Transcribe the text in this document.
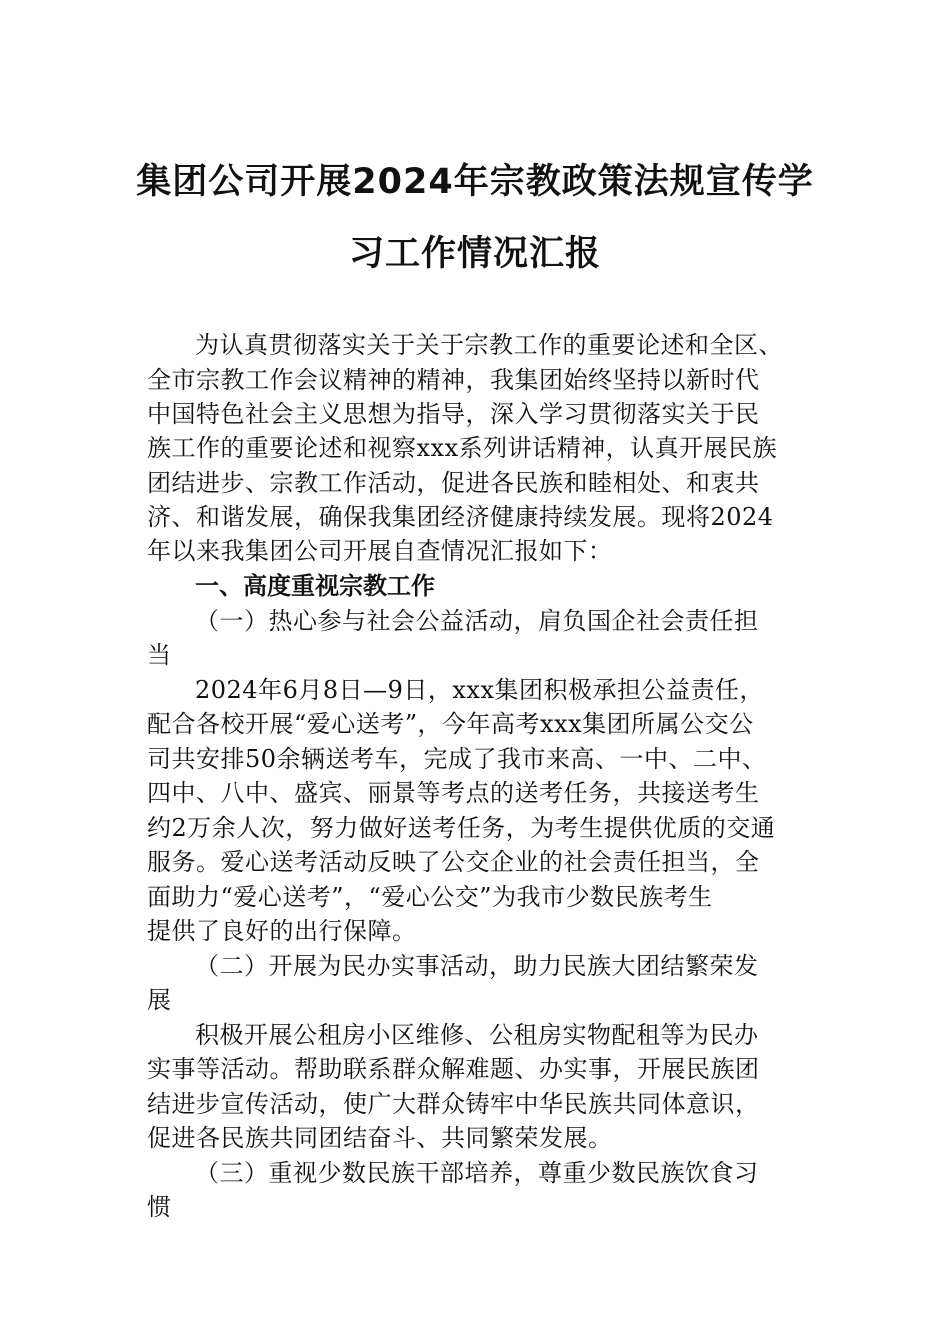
集团公司开展2024年宗教政策法规宣传学
习工作情况汇报
为认真贯彻落实关于关于宗教工作的重要论述和全区、
全市宗教工作会议精神的精神，我集团始终坚持以新时代
中国特色社会主义思想为指导，深入学习贯彻落实关于民
族工作的重要论述和视察xxx系列讲话精神，认真开展民族
团结进步、宗教工作活动，促进各民族和睦相处、和衷共
济、和谐发展，确保我集团经济健康持续发展。现将2024
年以来我集团公司开展自查情况汇报如下：
一、高度重视宗教工作
（一）热心参与社会公益活动，肩负国企社会责任担
当
2024年6月8日—9日，xxx集团积极承担公益责任，
配合各校开展“爱心送考”，今年高考xxx集团所属公交公
司共安排50余辆送考车，完成了我市来高、一中、二中、
四中、八中、盛宾、丽景等考点的送考任务，共接送考生
约2万余人次，努力做好送考任务，为考生提供优质的交通
服务。爱心送考活动反映了公交企业的社会责任担当，全
面助力“爱心送考”，“爱心公交”为我市少数民族考生
提供了良好的出行保障。
（二）开展为民办实事活动，助力民族大团结繁荣发
展
积极开展公租房小区维修、公租房实物配租等为民办
实事等活动。帮助联系群众解难题、办实事，开展民族团
结进步宣传活动，使广大群众铸牢中华民族共同体意识，
促进各民族共同团结奋斗、共同繁荣发展。
（三）重视少数民族干部培养，尊重少数民族饮食习
惯
